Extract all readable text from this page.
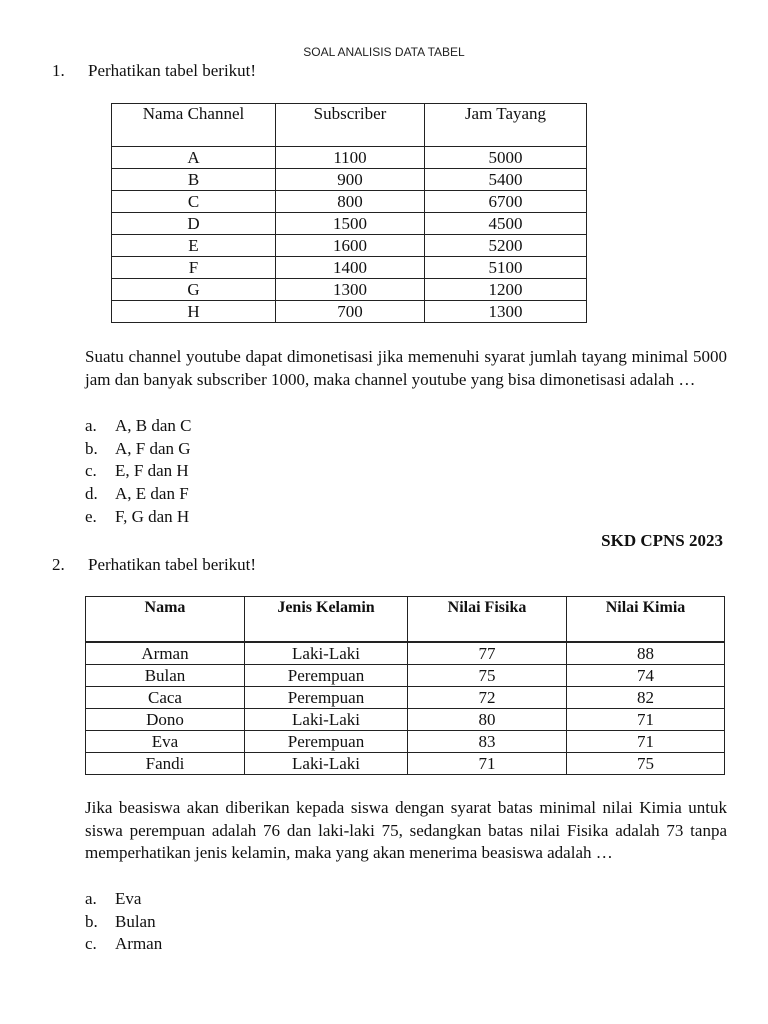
SOAL ANALISIS DATA TABEL
1.	Perhatikan tabel berikut!
Nama Channel	Subscriber	Jam Tayang
A	1100	5000
B	900	5400
C	800	6700
D	1500	4500
E	1600	5200
F	1400	5100
G	1300	1200
H	700	1300
Suatu channel youtube dapat dimonetisasi jika memenuhi syarat jumlah tayang minimal 5000 jam dan banyak subscriber 1000, maka channel youtube yang bisa dimonetisasi adalah …
a.	A, B dan C
b.	A, F dan G
c.	E, F dan H
d.	A, E dan F
e.	F, G dan H
SKD CPNS 2023
2.	Perhatikan tabel berikut!
Nama	Jenis Kelamin	Nilai Fisika	Nilai Kimia
Arman	Laki-Laki	77	88
Bulan	Perempuan	75	74
Caca	Perempuan	72	82
Dono	Laki-Laki	80	71
Eva	Perempuan	83	71
Fandi	Laki-Laki	71	75
Jika beasiswa akan diberikan kepada siswa dengan syarat batas minimal nilai Kimia untuk siswa perempuan adalah 76 dan laki-laki 75, sedangkan batas nilai Fisika adalah 73 tanpa memperhatikan jenis kelamin, maka yang akan menerima beasiswa adalah …
a.	Eva
b.	Bulan
c.	Arman
